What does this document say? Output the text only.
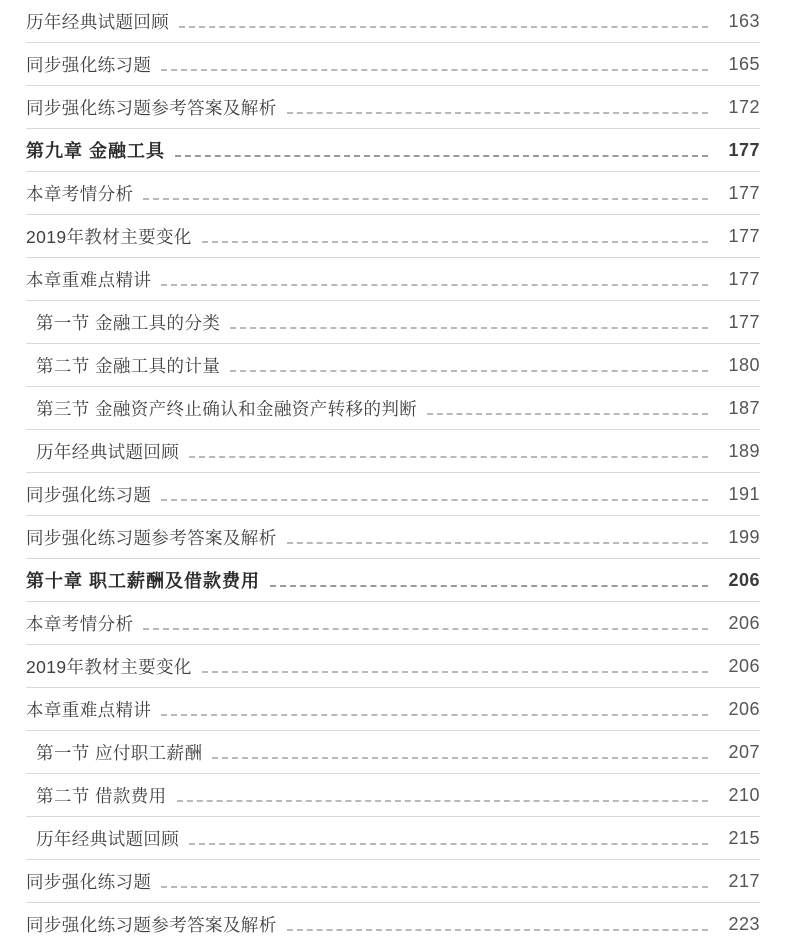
历年经典试题回顾	163
同步强化练习题	165
同步强化练习题参考答案及解析	172
第九章 金融工具	177
本章考情分析	177
2019年教材主要变化	177
本章重难点精讲	177
第一节 金融工具的分类	177
第二节 金融工具的计量	180
第三节 金融资产终止确认和金融资产转移的判断	187
历年经典试题回顾	189
同步强化练习题	191
同步强化练习题参考答案及解析	199
第十章 职工薪酬及借款费用	206
本章考情分析	206
2019年教材主要变化	206
本章重难点精讲	206
第一节 应付职工薪酬	207
第二节 借款费用	210
历年经典试题回顾	215
同步强化练习题	217
同步强化练习题参考答案及解析	223
